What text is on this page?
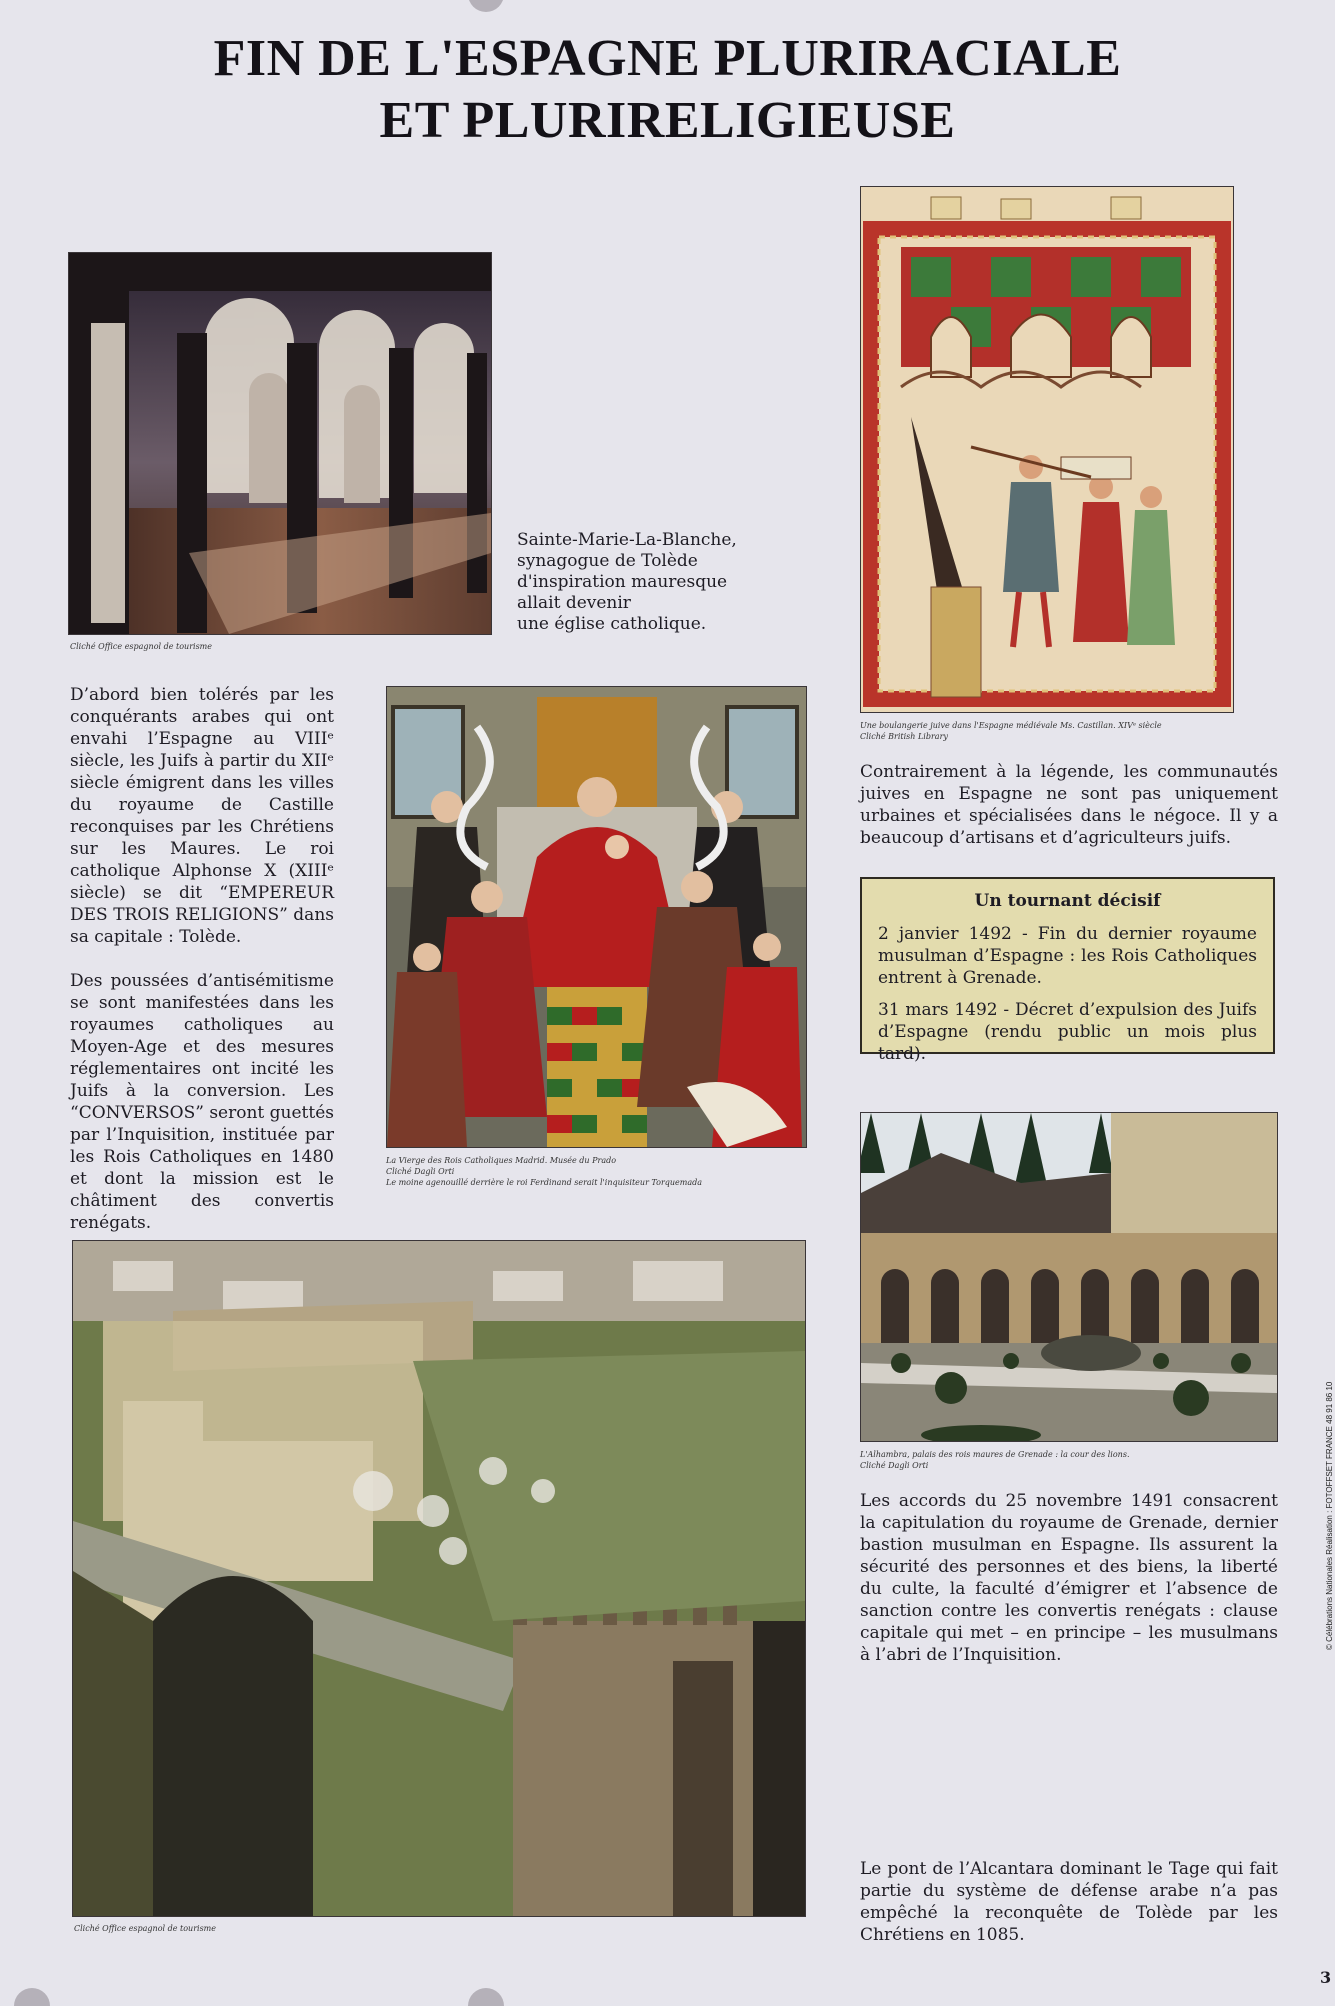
FIN DE L'ESPAGNE PLURIRACIALE
ET PLURIRELIGIEUSE
Cliché Office espagnol de tourisme
Sainte-Marie-La-Blanche,
synagogue de Tolède
d'inspiration mauresque
allait devenir
une église catholique.
Une boulangerie juive dans l'Espagne médiévale Ms. Castillan. XIVᵉ siècle
Cliché British Library

D’abord bien tolérés par les conquérants arabes qui ont envahi l’Espagne au VIIIᵉ siècle, les Juifs à partir du XIIᵉ siècle émigrent dans les villes du royaume de Castille reconquises par les Chrétiens sur les Maures. Le roi catholique Alphonse X (XIIIᵉ siècle) se dit “EMPEREUR DES TROIS RELIGIONS” dans sa capitale : Tolède.

Des poussées d’antisémitisme se sont manifestées dans les royaumes catholiques au Moyen-Age et des mesures réglementaires ont incité les Juifs à la conversion. Les “CONVERSOS” seront guettés par l’Inquisition, instituée par les Rois Catholiques en 1480 et dont la mission est le châtiment des convertis renégats.

La Vierge des Rois Catholiques Madrid. Musée du Prado
Cliché Dagli Orti
Le moine agenouillé derrière le roi Ferdinand serait l'inquisiteur Torquemada
Contrairement à la légende, les communautés juives en Espagne ne sont pas uniquement urbaines et spécialisées dans le négoce. Il y a beaucoup d’artisans et d’agriculteurs juifs.
Un tournant décisif

2 janvier 1492 - Fin du dernier royaume musulman d’Espagne : les Rois Catholiques entrent à Grenade.

31 mars 1492 - Décret d’expulsion des Juifs d’Espagne (rendu public un mois plus tard).

L'Alhambra, palais des rois maures de Grenade : la cour des lions.
Cliché Dagli Orti
Les accords du 25 novembre 1491 consacrent la capitulation du royaume de Grenade, dernier bastion musulman en Espagne. Ils assurent la sécurité des personnes et des biens, la liberté du culte, la faculté d’émigrer et l’absence de sanction contre les convertis renégats : clause capitale qui met – en principe – les musulmans à l’abri de l’Inquisition.
Cliché Office espagnol de tourisme
Le pont de l’Alcantara dominant le Tage qui fait partie du système de défense arabe n’a pas empêché la reconquête de Tolède par les Chrétiens en 1085.
© Célébrations Nationales Réalisation : FOTOFFSET FRANCE 48 91 86 10
3
